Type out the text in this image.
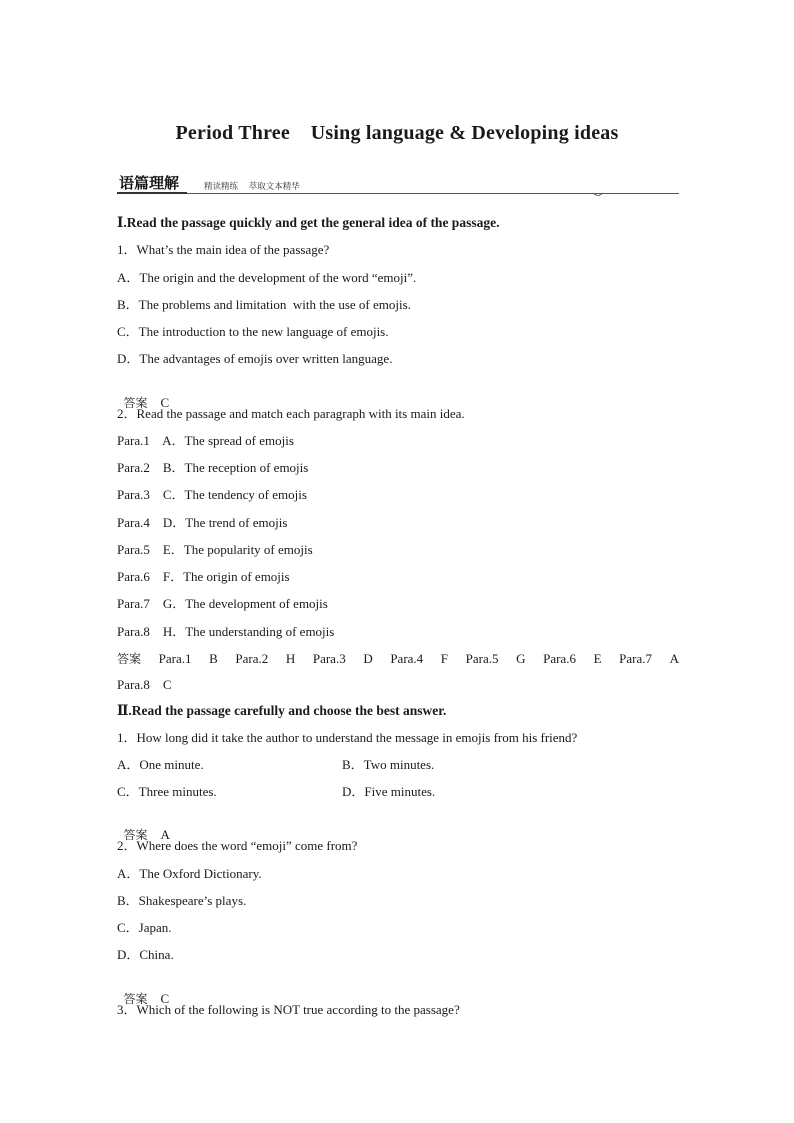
Period Three    Using language & Developing ideas
语篇理解	精读精练    萃取文本精华
Ⅰ.Read the passage quickly and get the general idea of the passage.
1．What’s the main idea of the passage?
A．The origin and the development of the word “emoji”.
B．The problems and limitation  with the use of emojis.
C．The introduction to the new language of emojis.
D．The advantages of emojis over written language.

答案 C

2．Read the passage and match each paragraph with its main idea.
Para.1    A．The spread of emojis
Para.2    B．The reception of emojis
Para.3    C．The tendency of emojis
Para.4    D．The trend of emojis
Para.5    E．The popularity of emojis
Para.6    F．The origin of emojis
Para.7    G．The development of emojis
Para.8    H．The understanding of emojis
答案 Para.1 B Para.2 H Para.3 D Para.4 F Para.5 G Para.6 E Para.7 A
Para.8    C
Ⅱ.Read the passage carefully and choose the best answer.
1．How long did it take the author to understand the message in emojis from his friend?
A．One minute.	B．Two minutes.
C．Three minutes.	D．Five minutes.

答案 A

2．Where does the word “emoji” come from?
A．The Oxford Dictionary.
B．Shakespeare’s plays.
C．Japan.
D．China.

答案 C

3．Which of the following is NOT true according to the passage?
